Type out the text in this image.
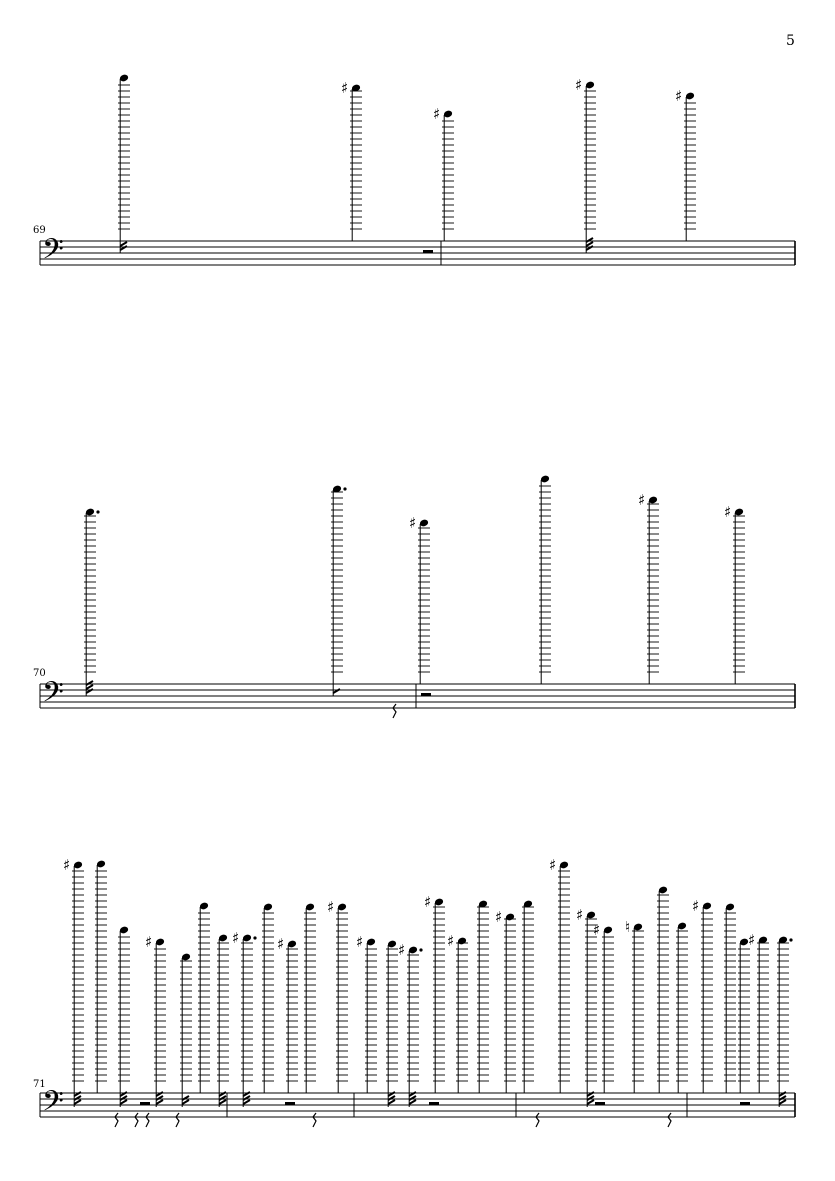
5
69
𝄢
70
𝄢
71
𝄢
♯
♯
♯
♯
♯
♯
♯
♯
♯	♯	♯
♯
♯ ♯
♯
♯
♯
♯
♯
♯ ♮
♯
♯
